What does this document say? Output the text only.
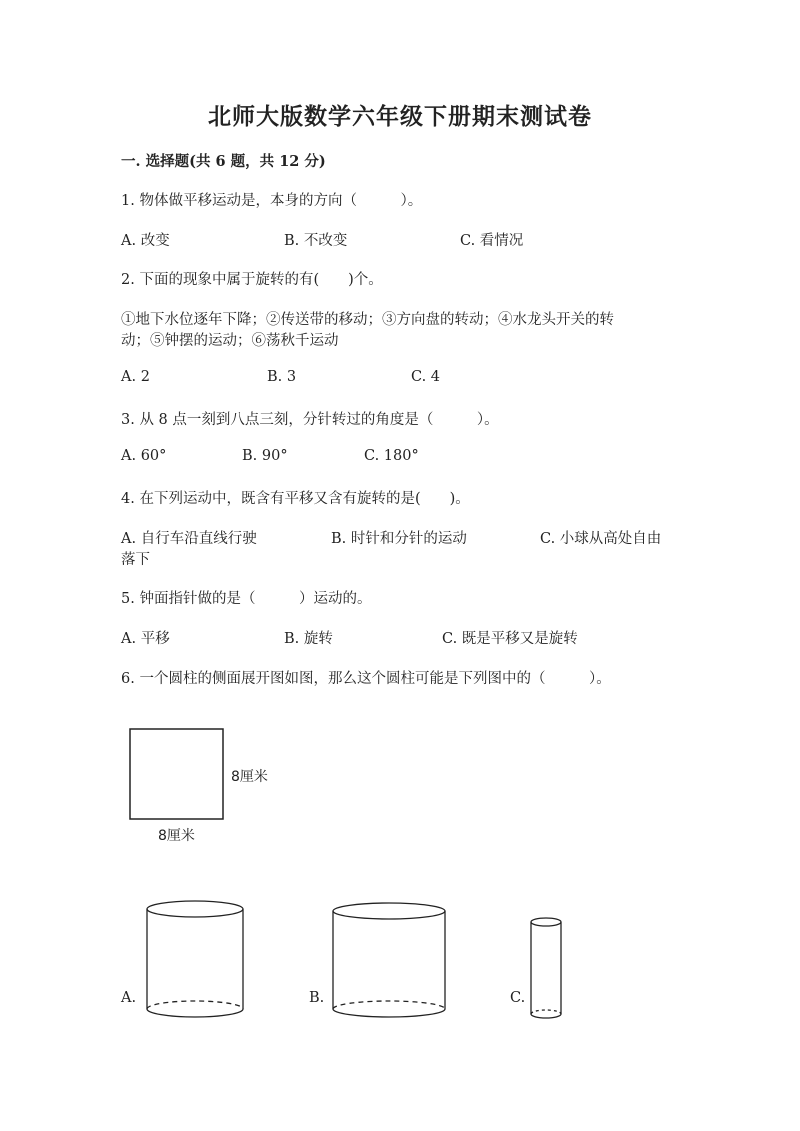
北师大版数学六年级下册期末测试卷
一. 选择题(共 6 题，共 12 分)
1. 物体做平移运动是，本身的方向（　　　）。
A. 改变	B. 不改变	C. 看情况
2. 下面的现象中属于旋转的有(　　)个。
①地下水位逐年下降；②传送带的移动；③方向盘的转动；④水龙头开关的转
动；⑤钟摆的运动；⑥荡秋千运动
A. 2	B. 3	C. 4
3. 从 8 点一刻到八点三刻，分针转过的角度是（　　　）。
A. 60°	B. 90°	C. 180°
4. 在下列运动中，既含有平移又含有旋转的是(　　)。
A. 自行车沿直线行驶	B. 时针和分针的运动	C. 小球从高处自由
落下
5. 钟面指针做的是（　　　）运动的。
A. 平移	B. 旋转	C. 既是平移又是旋转
6. 一个圆柱的侧面展开图如图，那么这个圆柱可能是下列图中的（　　　）。
8厘米
8厘米
A.	B.	C.
